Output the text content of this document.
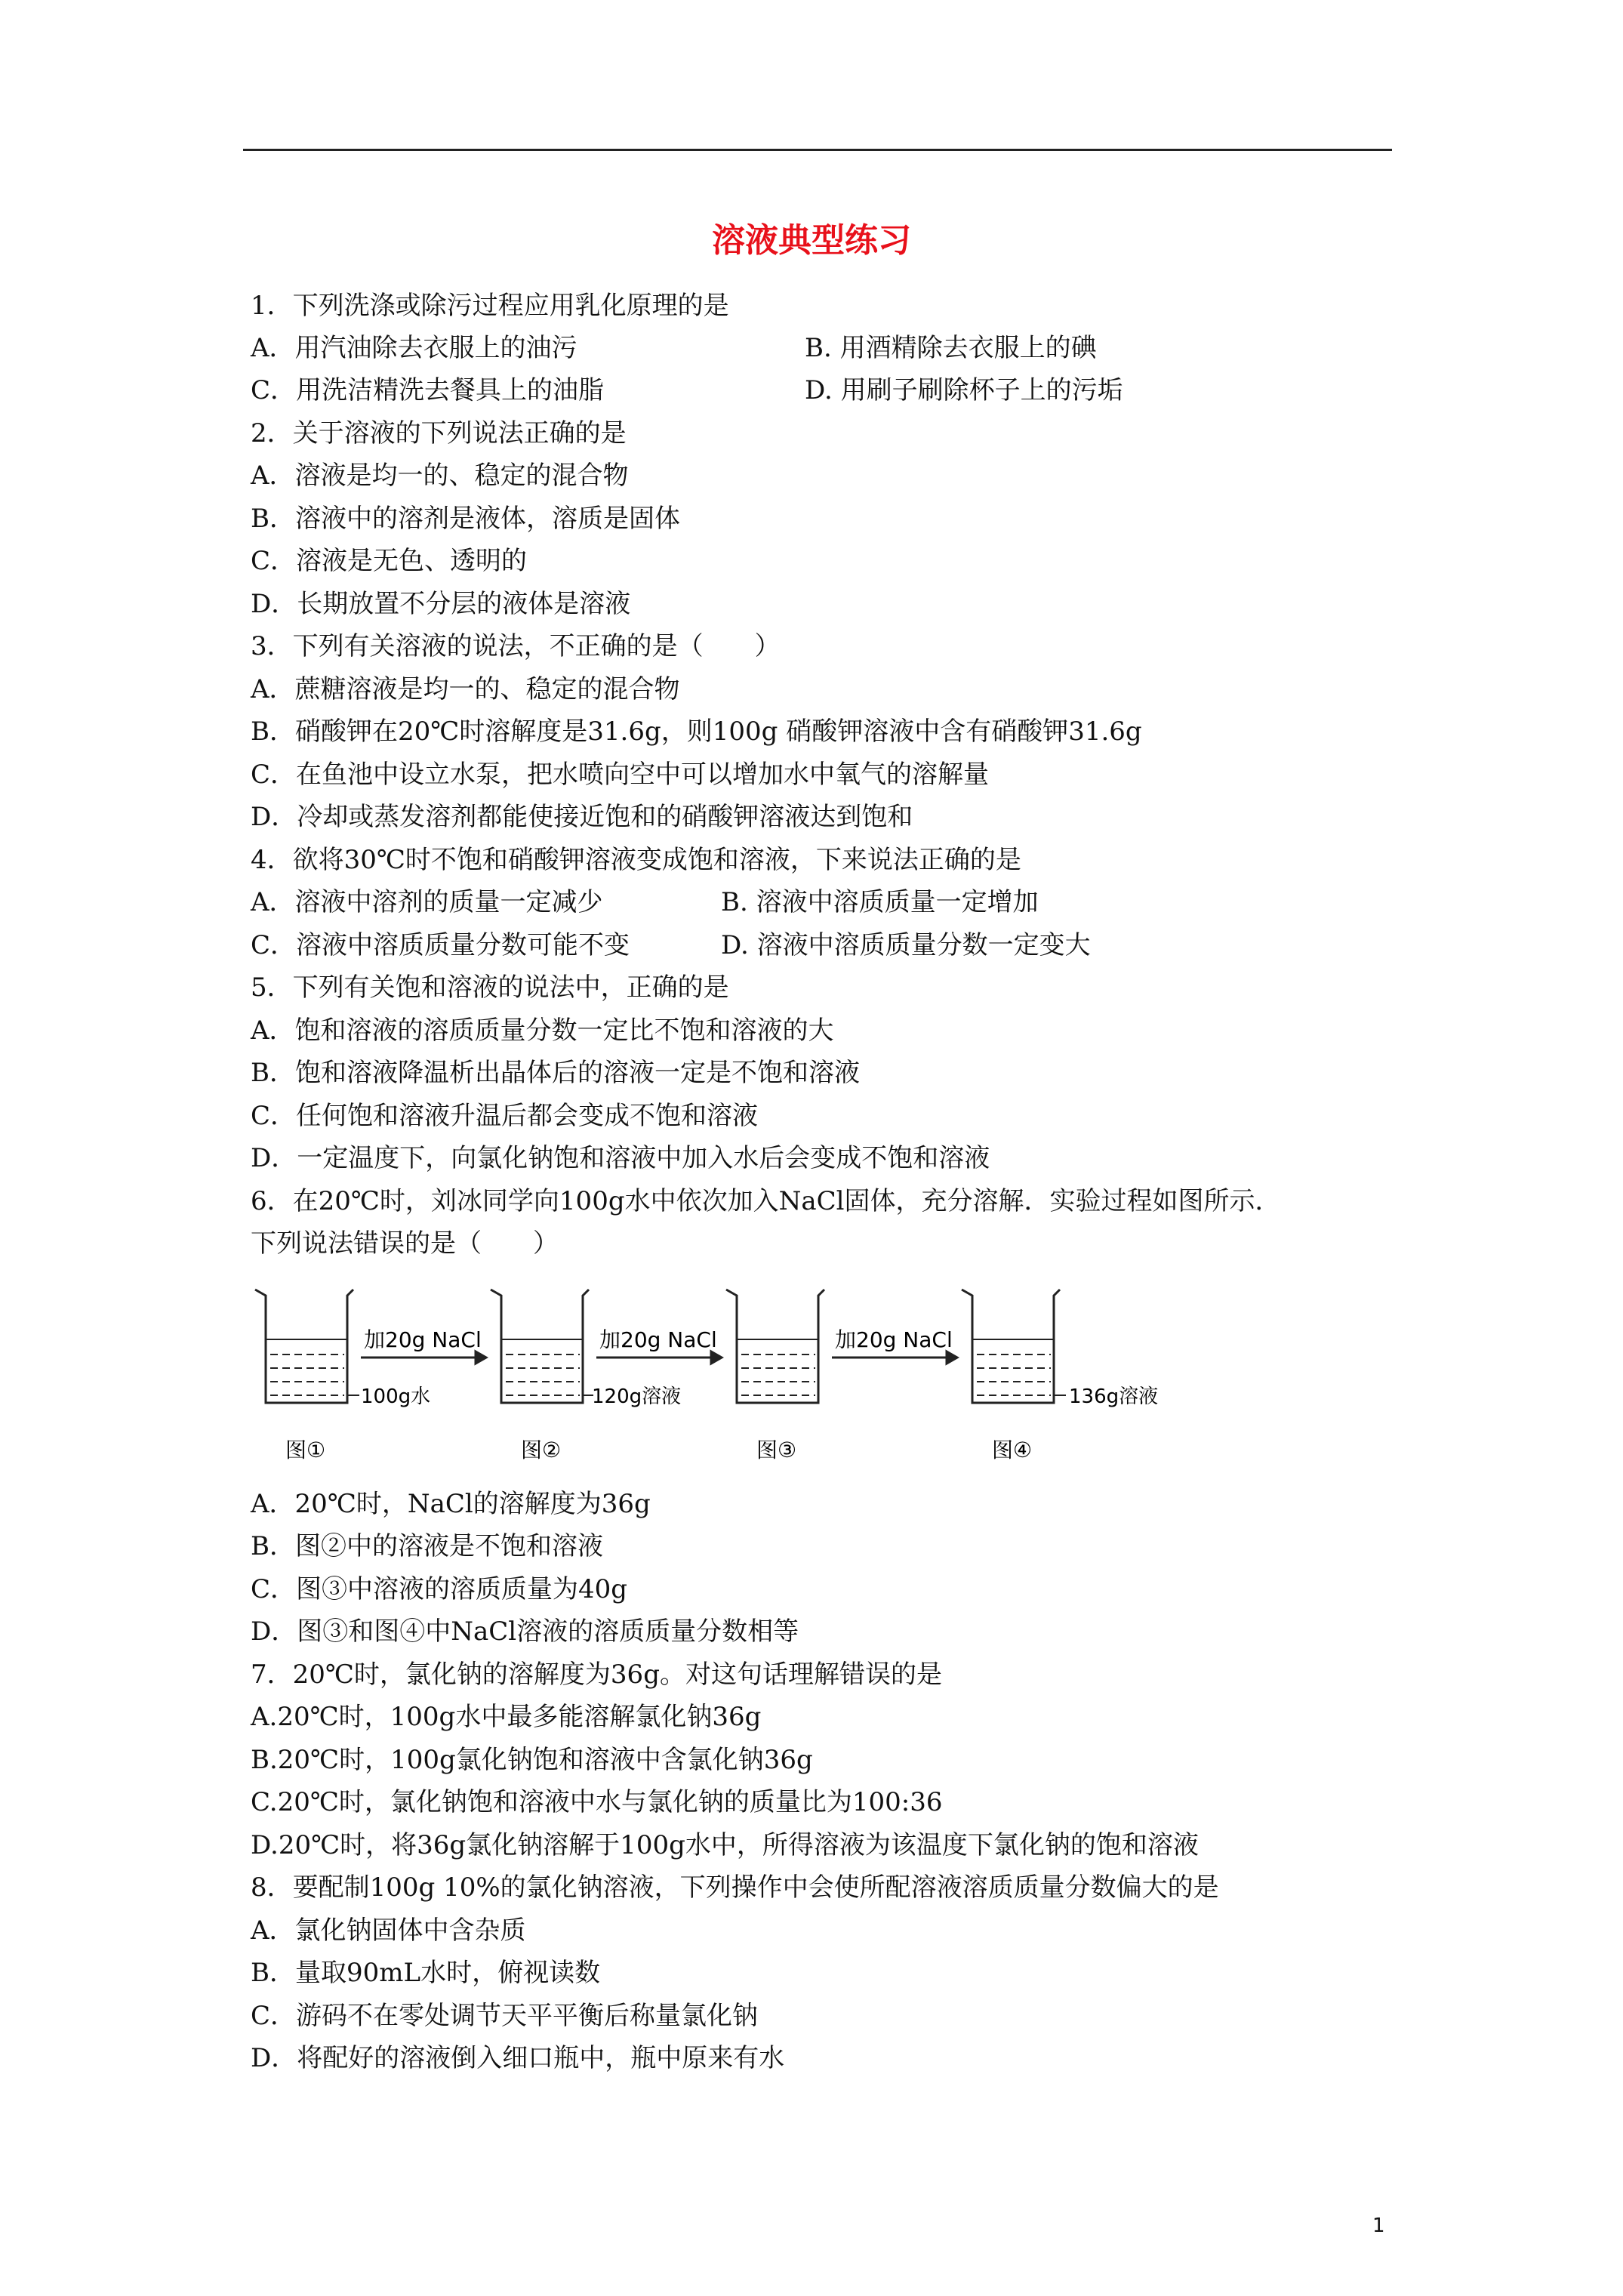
溶液典型练习
1．下列洗涤或除污过程应用乳化原理的是
A．用汽油除去衣服上的油污	B. 用酒精除去衣服上的碘
C．用洗洁精洗去餐具上的油脂	D. 用刷子刷除杯子上的污垢
2．关于溶液的下列说法正确的是
A．溶液是均一的、稳定的混合物
B．溶液中的溶剂是液体，溶质是固体
C．溶液是无色、透明的
D．长期放置不分层的液体是溶液
3．下列有关溶液的说法，不正确的是（　　）
A．蔗糖溶液是均一的、稳定的混合物
B．硝酸钾在20℃时溶解度是31.6g，则100g 硝酸钾溶液中含有硝酸钾31.6g
C．在鱼池中设立水泵，把水喷向空中可以增加水中氧气的溶解量
D．冷却或蒸发溶剂都能使接近饱和的硝酸钾溶液达到饱和
4．欲将30℃时不饱和硝酸钾溶液变成饱和溶液，下来说法正确的是
A．溶液中溶剂的质量一定减少	B. 溶液中溶质质量一定增加
C．溶液中溶质质量分数可能不变	D. 溶液中溶质质量分数一定变大
5．下列有关饱和溶液的说法中，正确的是
A．饱和溶液的溶质质量分数一定比不饱和溶液的大
B．饱和溶液降温析出晶体后的溶液一定是不饱和溶液
C．任何饱和溶液升温后都会变成不饱和溶液
D．一定温度下，向氯化钠饱和溶液中加入水后会变成不饱和溶液
6．在20℃时，刘冰同学向100g水中依次加入NaCl固体，充分溶解．实验过程如图所示．
下列说法错误的是（　　）
加20g NaCl	加20g NaCl	加20g NaCl
100g水	120g溶液	136g溶液
图①	图②	图③	图④
A．20℃时，NaCl的溶解度为36g
B．图②中的溶液是不饱和溶液
C．图③中溶液的溶质质量为40g
D．图③和图④中NaCl溶液的溶质质量分数相等
7．20℃时，氯化钠的溶解度为36g。对这句话理解错误的是
A.20℃时，100g水中最多能溶解氯化钠36g
B.20℃时，100g氯化钠饱和溶液中含氯化钠36g
C.20℃时，氯化钠饱和溶液中水与氯化钠的质量比为100:36
D.20℃时，将36g氯化钠溶解于100g水中，所得溶液为该温度下氯化钠的饱和溶液
8．要配制100g 10%的氯化钠溶液，下列操作中会使所配溶液溶质质量分数偏大的是
A．氯化钠固体中含杂质
B．量取90mL水时，俯视读数
C．游码不在零处调节天平平衡后称量氯化钠
D．将配好的溶液倒入细口瓶中，瓶中原来有水
1
